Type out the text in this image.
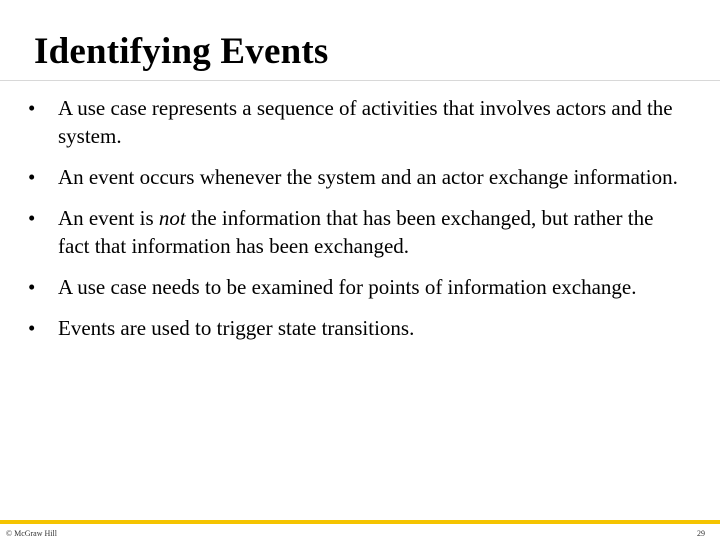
Identifying Events
•	A use case represents a sequence of activities that involves actors and the system.
•	An event occurs whenever the system and an actor exchange information.
•	An event is not the information that has been exchanged, but rather the fact that information has been exchanged.
•	A use case needs to be examined for points of information exchange.
•	Events are used to trigger state transitions.
© McGraw Hill	29
